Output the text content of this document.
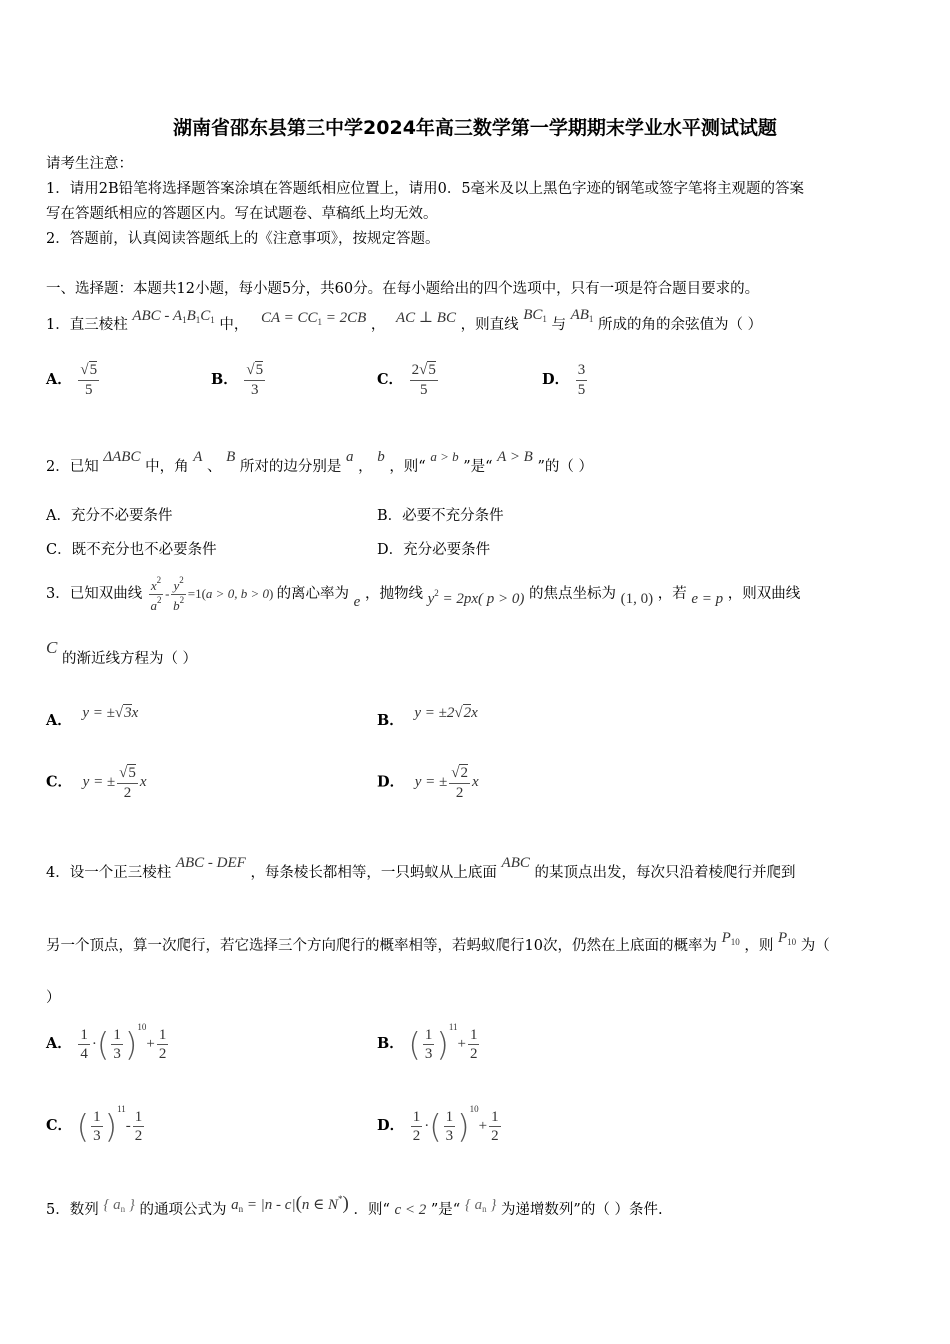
湖南省邵东县第三中学2024年高三数学第一学期期末学业水平测试试题
请考生注意：
1．请用2B铅笔将选择题答案涂填在答题纸相应位置上，请用0．5毫米及以上黑色字迹的钢笔或签字笔将主观题的答案
写在答题纸相应的答题区内。写在试题卷、草稿纸上均无效。
2．答题前，认真阅读答题纸上的《注意事项》，按规定答题。
一、选择题：本题共12小题，每小题5分，共60分。在每小题给出的四个选项中，只有一项是符合题目要求的。
1．直三棱柱 ABC - $A_1B_1C_1$ 中， CA = $CC_1 = 2CB$ ， AC ⊥ BC ，则直线 $BC_1$ 与 $AB_1$ 所成的角的余弦值为（ ）
A． $\frac{√5}{5}$	B． $\frac{√5}{3}$	C． $\frac{2√5}{5}$	D． $\frac{3}{5}$
2．已知 ΔABC 中，角 A 、 B 所对的边分别是 a ， b ，则“ a > b ”是“ A > B ”的（ ）
A．充分不必要条件	B．必要不充分条件
C．既不充分也不必要条件	D．充分必要条件
3．已知双曲线 $\frac{x^2}{a^2} - \frac{y^2}{b^2} =1(a > 0$, b > 0) 的离心率为 e ，抛物线 $y^2 = 2px$( p > 0) 的焦点坐标为 (1, 0) ，若 e = p ，则双曲线
C 的渐近线方程为（ ）
A． y = ±√3x	B． y = ±2√2x
C． y = ± $\frac{√5}{2}$ x	D． y = ± $\frac{√2}{2}$ x
4．设一个正三棱柱 ABC - DEF ，每条棱长都相等，一只蚂蚁从上底面 ABC 的某顶点出发，每次只沿着棱爬行并爬到
另一个顶点，算一次爬行，若它选择三个方向爬行的概率相等，若蚂蚁爬行10次，仍然在上底面的概率为 $P_{10}$ ，则 $P_{10}$ 为（
）
A． $\frac{1}{4}$ ·( $\frac{1}{3} )^{10}+ \frac{1}{2}$	B． ( $\frac{1}{3} )^{11}+ \frac{1}{2}$
C． ( $\frac{1}{3} )^{11}- \frac{1}{2}$	D． $\frac{1}{2}$ ·( $\frac{1}{3} )^{10}+ \frac{1}{2}$
5．数列 { $a_n$ } 的通项公式为 $a_n = |n - c|(n$ ∈ N*) ．则“ c < 2 ”是“ { $a_n$ } 为递增数列”的（ ）条件.
